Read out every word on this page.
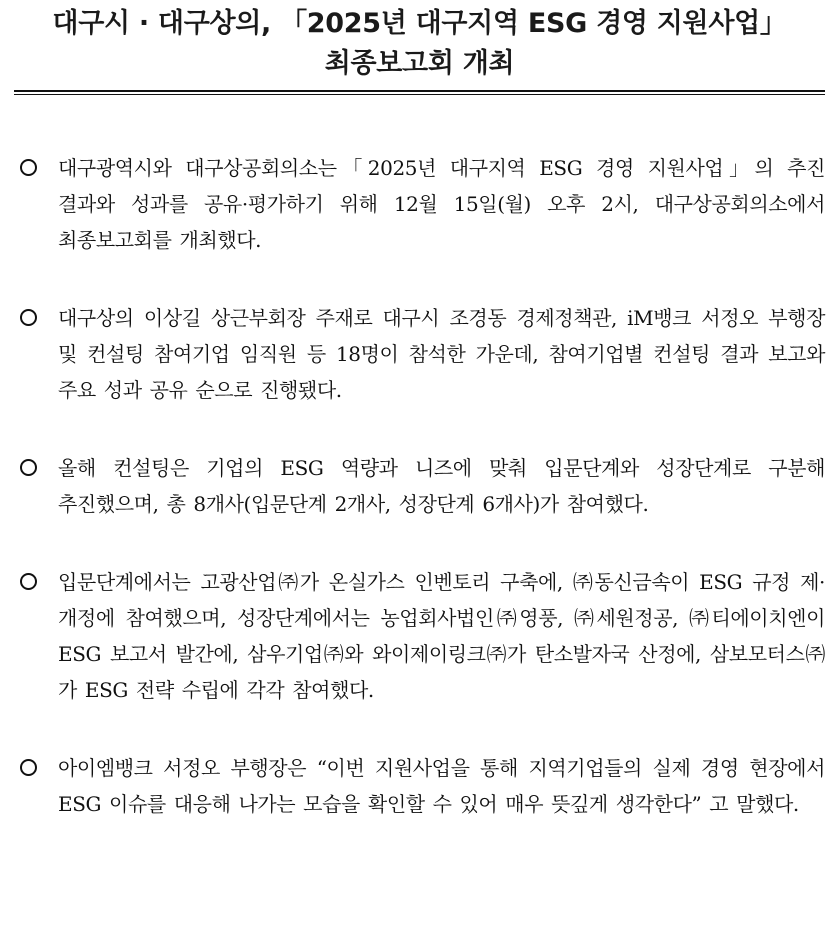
대구시 · 대구상의, 「2025년 대구지역 ESG 경영 지원사업」
최종보고회 개최
대구광역시와 대구상공회의소는「2025년 대구지역 ESG 경영 지원사업」의 추진 결과와 성과를 공유·평가하기 위해 12월 15일(월) 오후 2시, 대구상공회의소에서 최종보고회를 개최했다.
대구상의 이상길 상근부회장 주재로 대구시 조경동 경제정책관, iM뱅크 서정오 부행장 및 컨설팅 참여기업 임직원 등 18명이 참석한 가운데, 참여기업별 컨설팅 결과 보고와 주요 성과 공유 순으로 진행됐다.
올해 컨설팅은 기업의 ESG 역량과 니즈에 맞춰 입문단계와 성장단계로 구분해 추진했으며, 총 8개사(입문단계 2개사, 성장단계 6개사)가 참여했다.
입문단계에서는 고광산업㈜가 온실가스 인벤토리 구축에, ㈜동신금속이 ESG 규정 제·개정에 참여했으며, 성장단계에서는 농업회사법인㈜영풍, ㈜세원정공, ㈜티에이치엔이 ESG 보고서 발간에, 삼우기업㈜와 와이제이링크㈜가 탄소발자국 산정에, 삼보모터스㈜가 ESG 전략 수립에 각각 참여했다.
아이엠뱅크 서정오 부행장은 “이번 지원사업을 통해 지역기업들의 실제 경영 현장에서 ESG 이슈를 대응해 나가는 모습을 확인할 수 있어 매우 뜻깊게 생각한다” 고 말했다.
